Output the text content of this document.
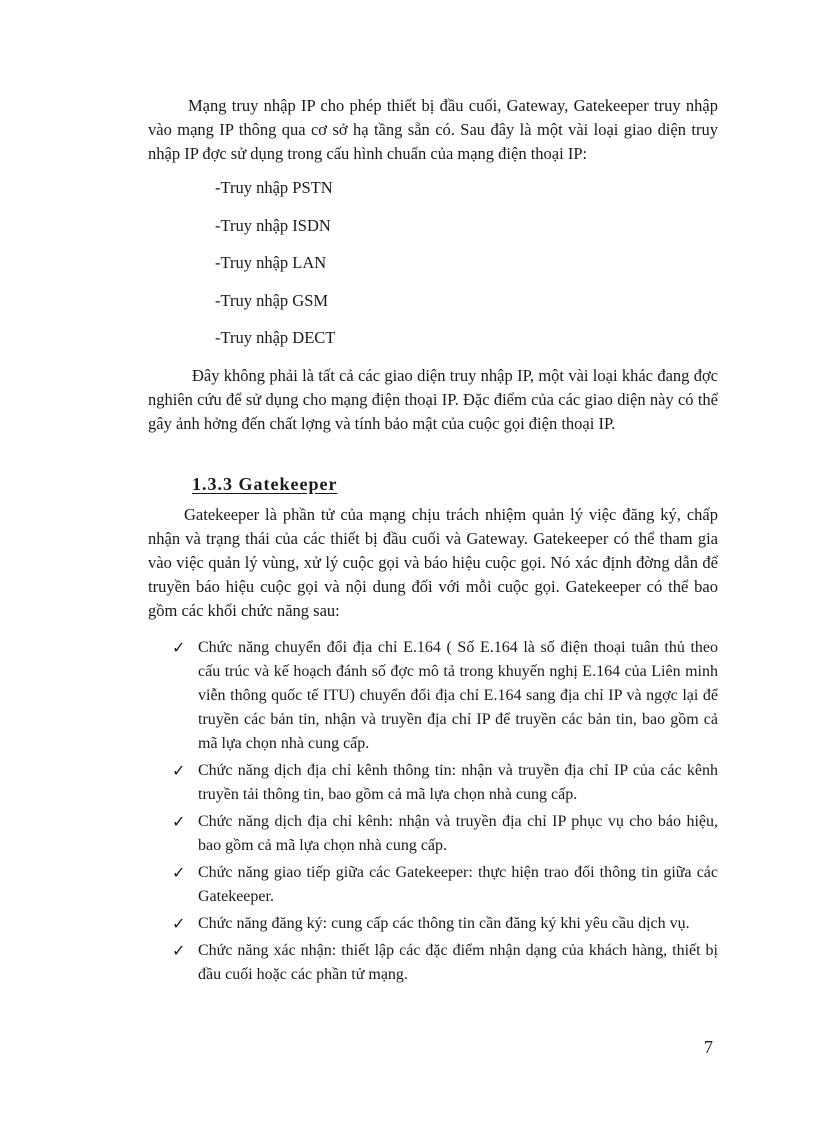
Mạng truy nhập IP cho phép thiết bị đầu cuối, Gateway, Gatekeeper truy nhập vào mạng IP thông qua cơ sở hạ tầng sẵn có. Sau đây là một vài loại giao diện truy nhập IP đợc sử dụng trong cấu hình chuẩn của mạng điện thoại IP:

-Truy nhập PSTN
-Truy nhập ISDN
-Truy nhập LAN
-Truy nhập GSM
-Truy nhập DECT

Đây không phải là tất cả các giao diện truy nhập IP, một vài loại khác đang đợc nghiên cứu để sử dụng cho mạng điện thoại IP. Đặc điểm của các giao diện này có thể gây ảnh hởng đến chất lợng và tính bảo mật của cuộc gọi điện thoại IP.

1.3.3 Gatekeeper

Gatekeeper là phần tử của mạng chịu trách nhiệm quản lý việc đăng ký, chấp nhận và trạng thái của các thiết bị đầu cuối và Gateway. Gatekeeper có thể tham gia vào việc quản lý vùng, xử lý cuộc gọi và báo hiệu cuộc gọi. Nó xác định đờng dẫn để truyền báo hiệu cuộc gọi và nội dung đối với mỗi cuộc gọi. Gatekeeper có thể bao gồm các khối chức năng sau:

✓ Chức năng chuyển đổi địa chỉ E.164 ( Số E.164 là số điện thoại tuân thủ theo cấu trúc và kế hoạch đánh số đợc mô tả trong khuyến nghị E.164 của Liên minh viễn thông quốc tế ITU) chuyển đổi địa chỉ E.164 sang địa chỉ IP và ngợc lại để truyền các bản tin, nhận và truyền địa chỉ IP để truyền các bản tin, bao gồm cả mã lựa chọn nhà cung cấp.
✓ Chức năng dịch địa chỉ kênh thông tin: nhận và truyền địa chỉ IP của các kênh truyền tải thông tin, bao gồm cả mã lựa chọn nhà cung cấp.
✓ Chức năng dịch địa chỉ kênh: nhận và truyền địa chỉ IP phục vụ cho báo hiệu, bao gồm cả mã lựa chọn nhà cung cấp.
✓ Chức năng giao tiếp giữa các Gatekeeper: thực hiện trao đổi thông tin giữa các Gatekeeper.
✓ Chức năng đăng ký: cung cấp các thông tin cần đăng ký khi yêu cầu dịch vụ.
✓ Chức năng xác nhận: thiết lập các đặc điểm nhận dạng của khách hàng, thiết bị đầu cuối hoặc các phần tử mạng.

7
